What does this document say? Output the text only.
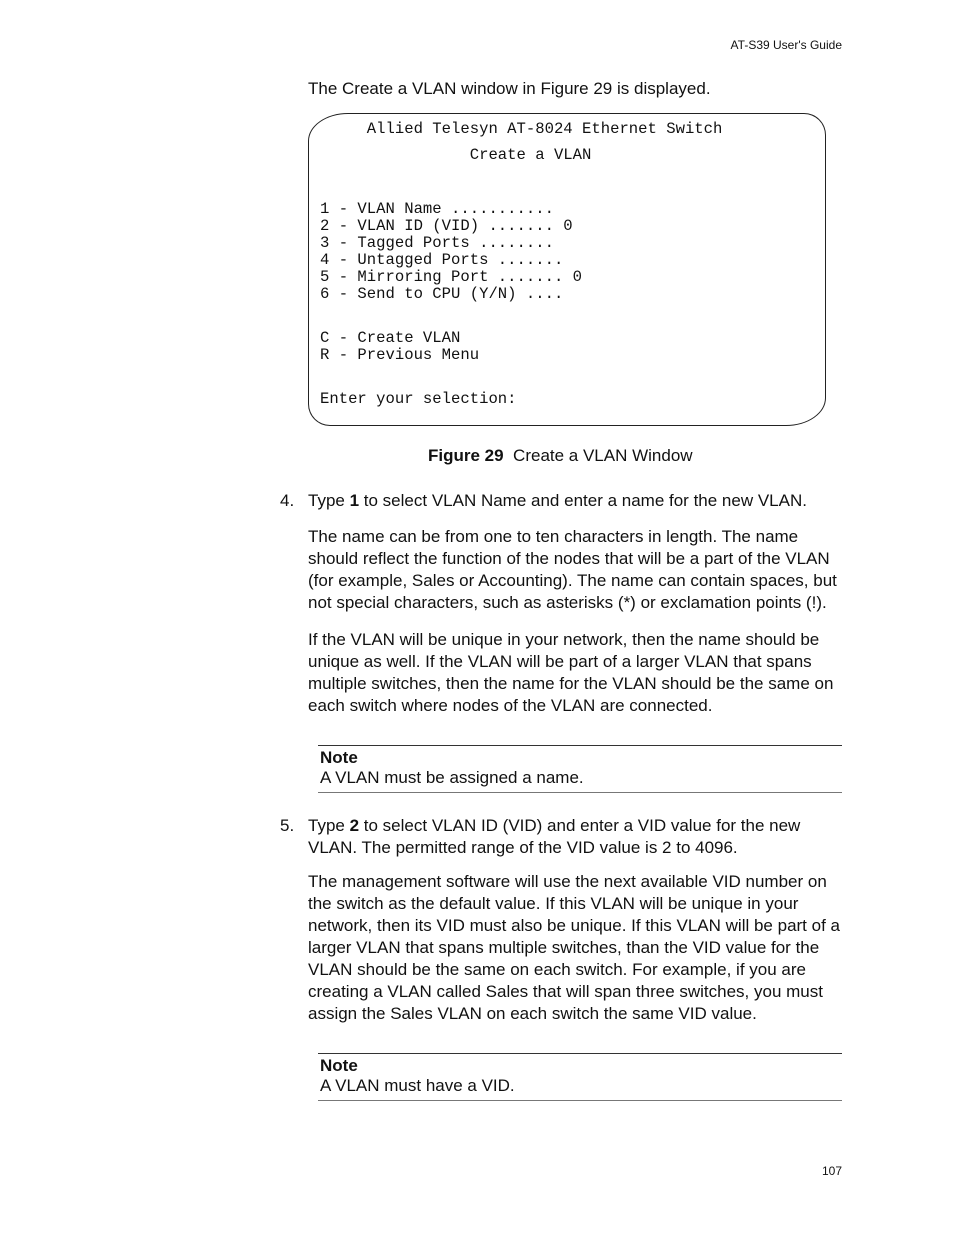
AT-S39 User's Guide
The Create a VLAN window in Figure 29 is displayed.
Allied Telesyn AT-8024 Ethernet Switch
Create a VLAN
1 - VLAN Name ...........
2 - VLAN ID (VID) ....... 0
3 - Tagged Ports ........
4 - Untagged Ports .......
5 - Mirroring Port ....... 0
6 - Send to CPU (Y/N) ....
C - Create VLAN
R - Previous Menu
Enter your selection:
Figure 29 Create a VLAN Window
4. Type 1 to select VLAN Name and enter a name for the new VLAN.
The name can be from one to ten characters in length. The name should reflect the function of the nodes that will be a part of the VLAN (for example, Sales or Accounting). The name can contain spaces, but not special characters, such as asterisks (*) or exclamation points (!).
If the VLAN will be unique in your network, then the name should be unique as well. If the VLAN will be part of a larger VLAN that spans multiple switches, then the name for the VLAN should be the same on each switch where nodes of the VLAN are connected.
Note
A VLAN must be assigned a name.
5. Type 2 to select VLAN ID (VID) and enter a VID value for the new VLAN. The permitted range of the VID value is 2 to 4096.
The management software will use the next available VID number on the switch as the default value. If this VLAN will be unique in your network, then its VID must also be unique. If this VLAN will be part of a larger VLAN that spans multiple switches, than the VID value for the VLAN should be the same on each switch. For example, if you are creating a VLAN called Sales that will span three switches, you must assign the Sales VLAN on each switch the same VID value.
Note
A VLAN must have a VID.
107
